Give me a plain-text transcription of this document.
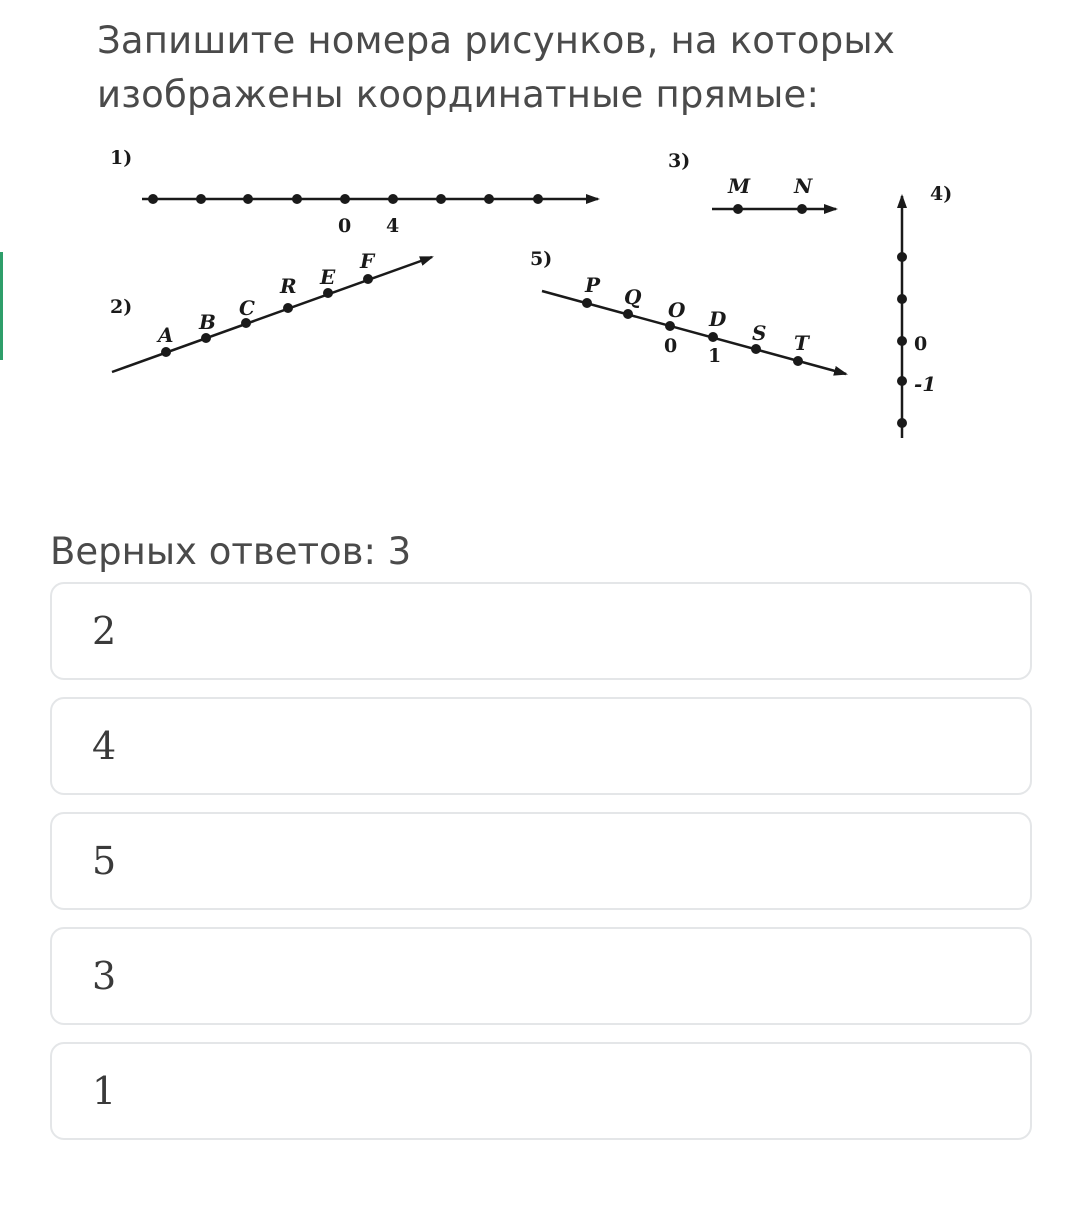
Запишите номера рисунков, на которых
изображены координатные прямые:
1)
0 4
2)
A
B
C
R E
F
3)
M N	4)
0
-1
5)
P Q
O D
S T
0 1
Верных ответов: 3
2
4
5
3
1
